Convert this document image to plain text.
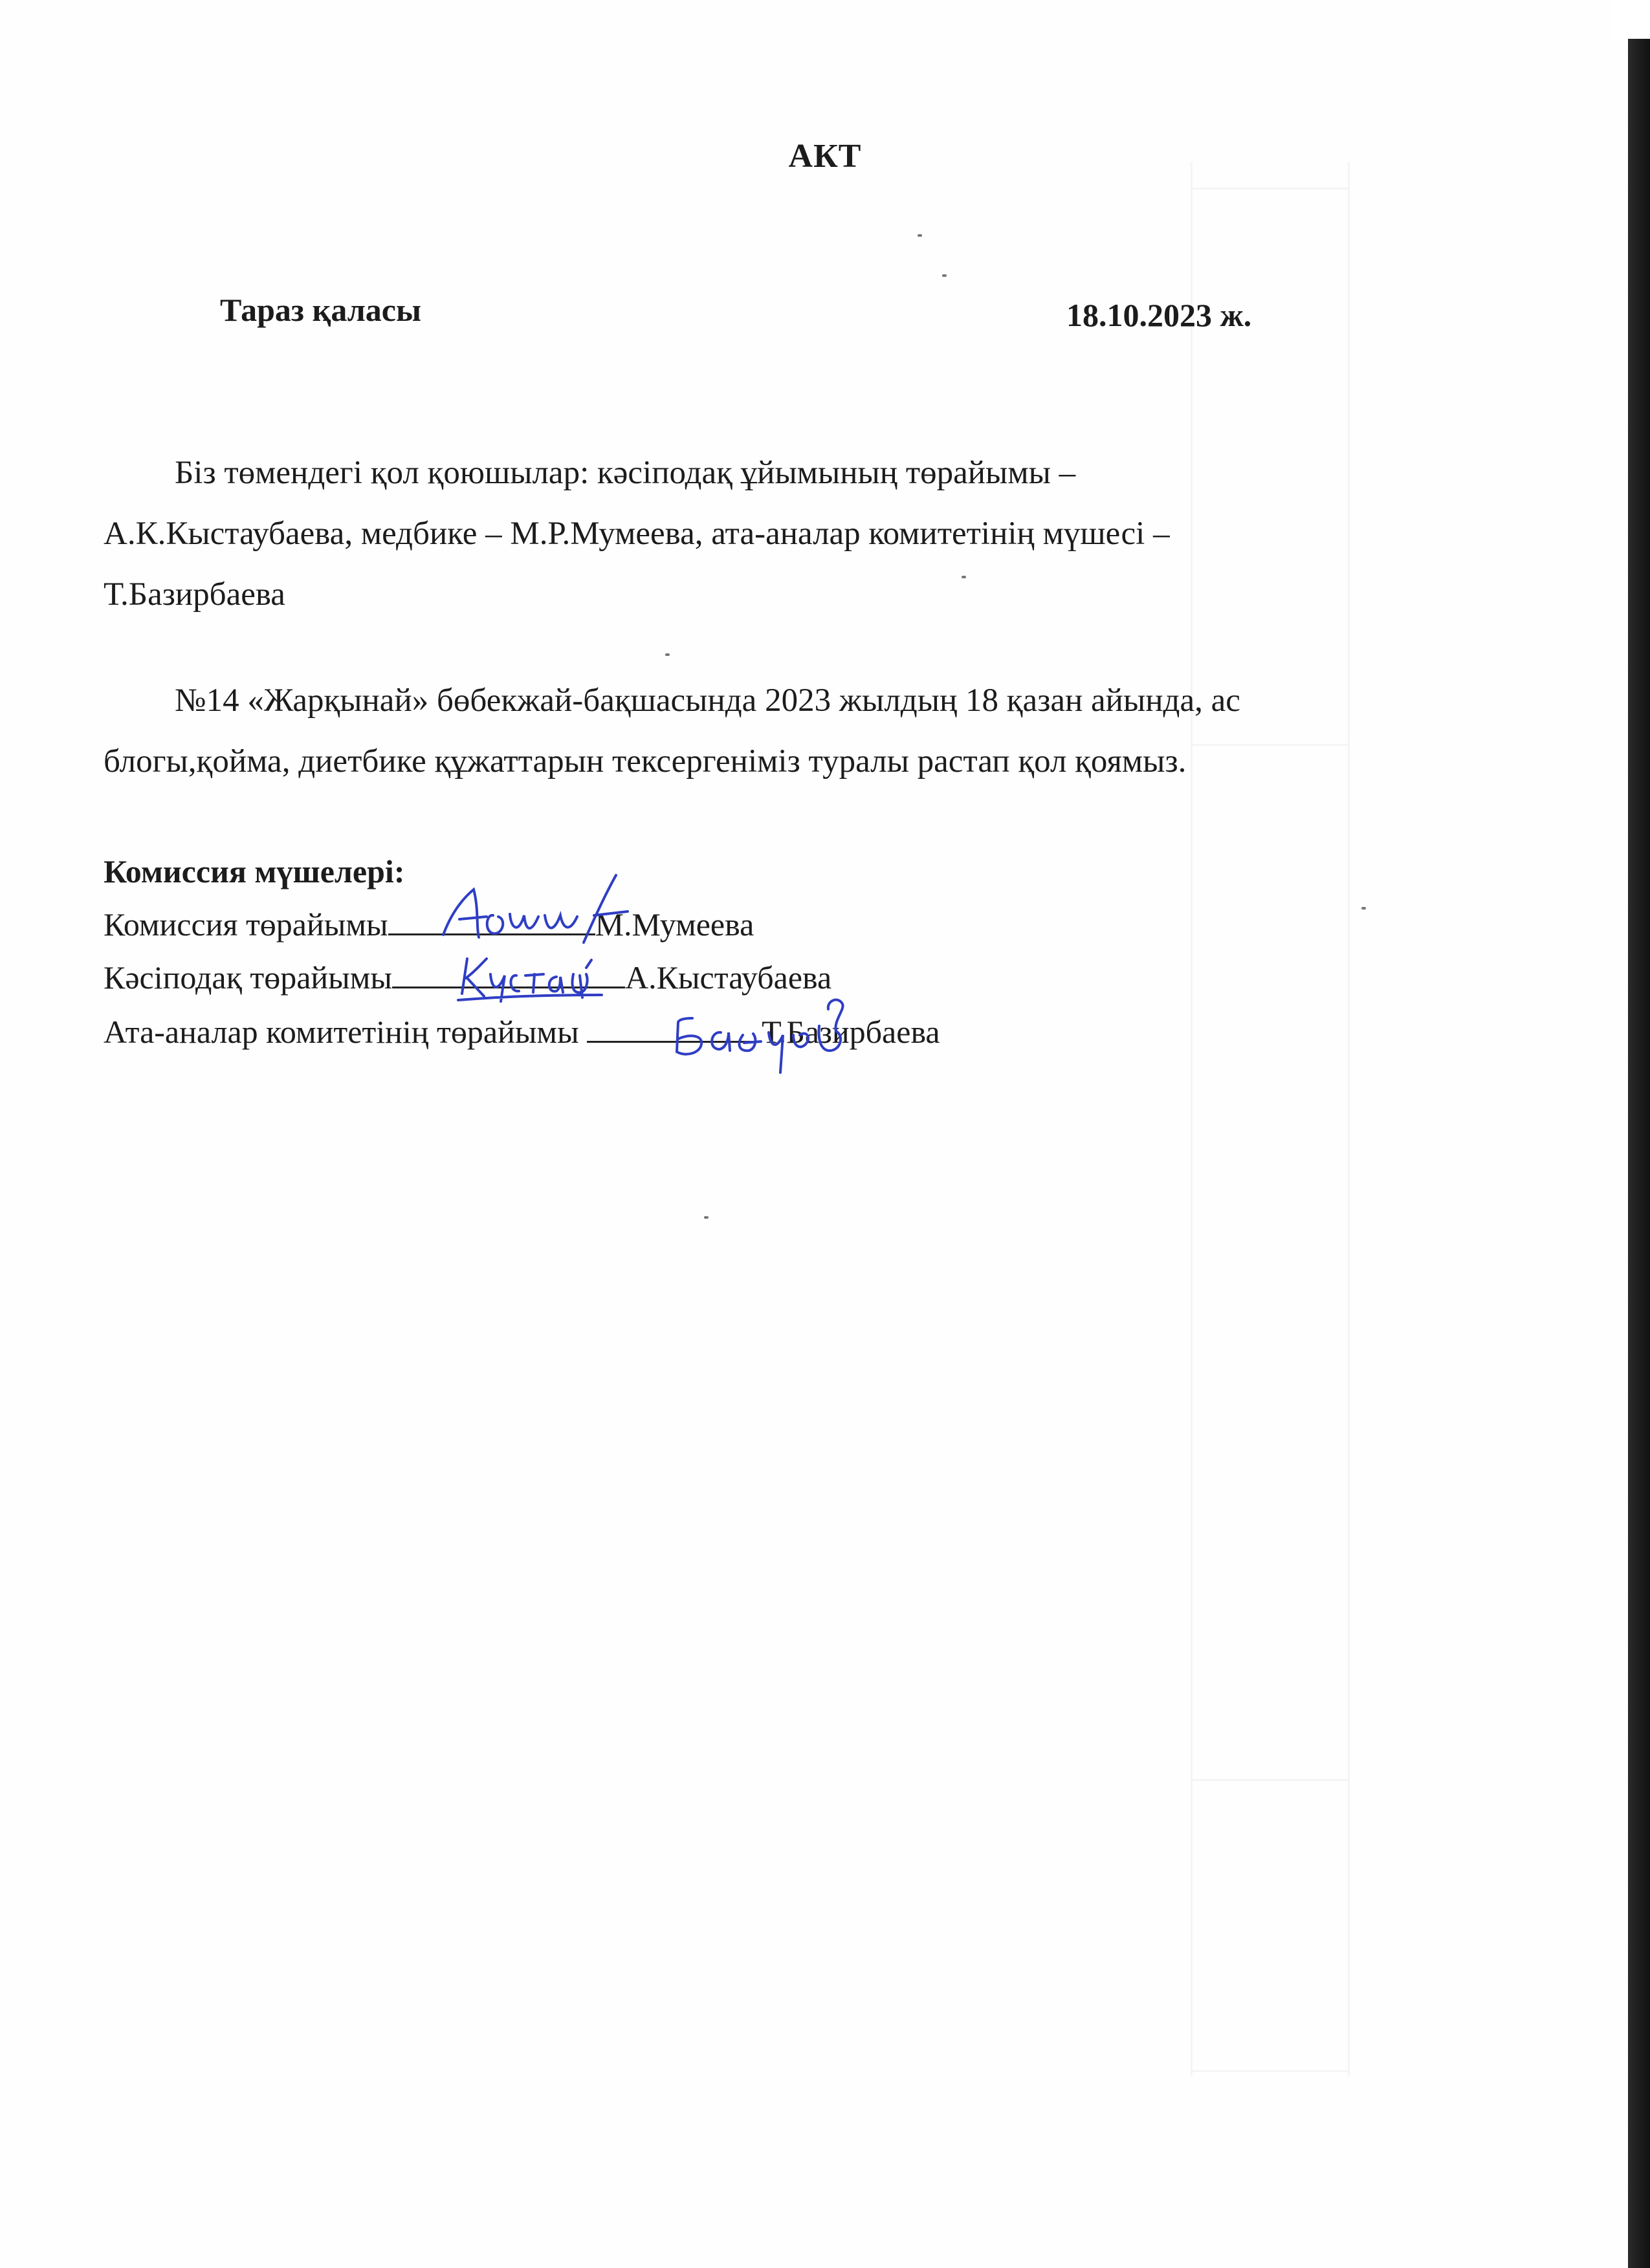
АКТ
Тараз қаласы	18.10.2023 ж.
Біз төмендегі қол қоюшылар: кәсіподақ ұйымының төрайымы –
А.К.Кыстаубаева, медбике – М.Р.Мумеева, ата-аналар комитетінің мүшесі –
Т.Базирбаева
№14 «Жарқынай» бөбекжай-бақшасында 2023 жылдың 18 қазан айында, ас
блогы,қойма, диетбике құжаттарын тексергеніміз туралы растап қол қоямыз.
Комиссия мүшелері:
Комиссия төрайымы	М.Мумеева
Кәсіподақ төрайымы	А.Кыстаубаева
Ата-аналар комитетінің төрайымы	Т.Базирбаева
